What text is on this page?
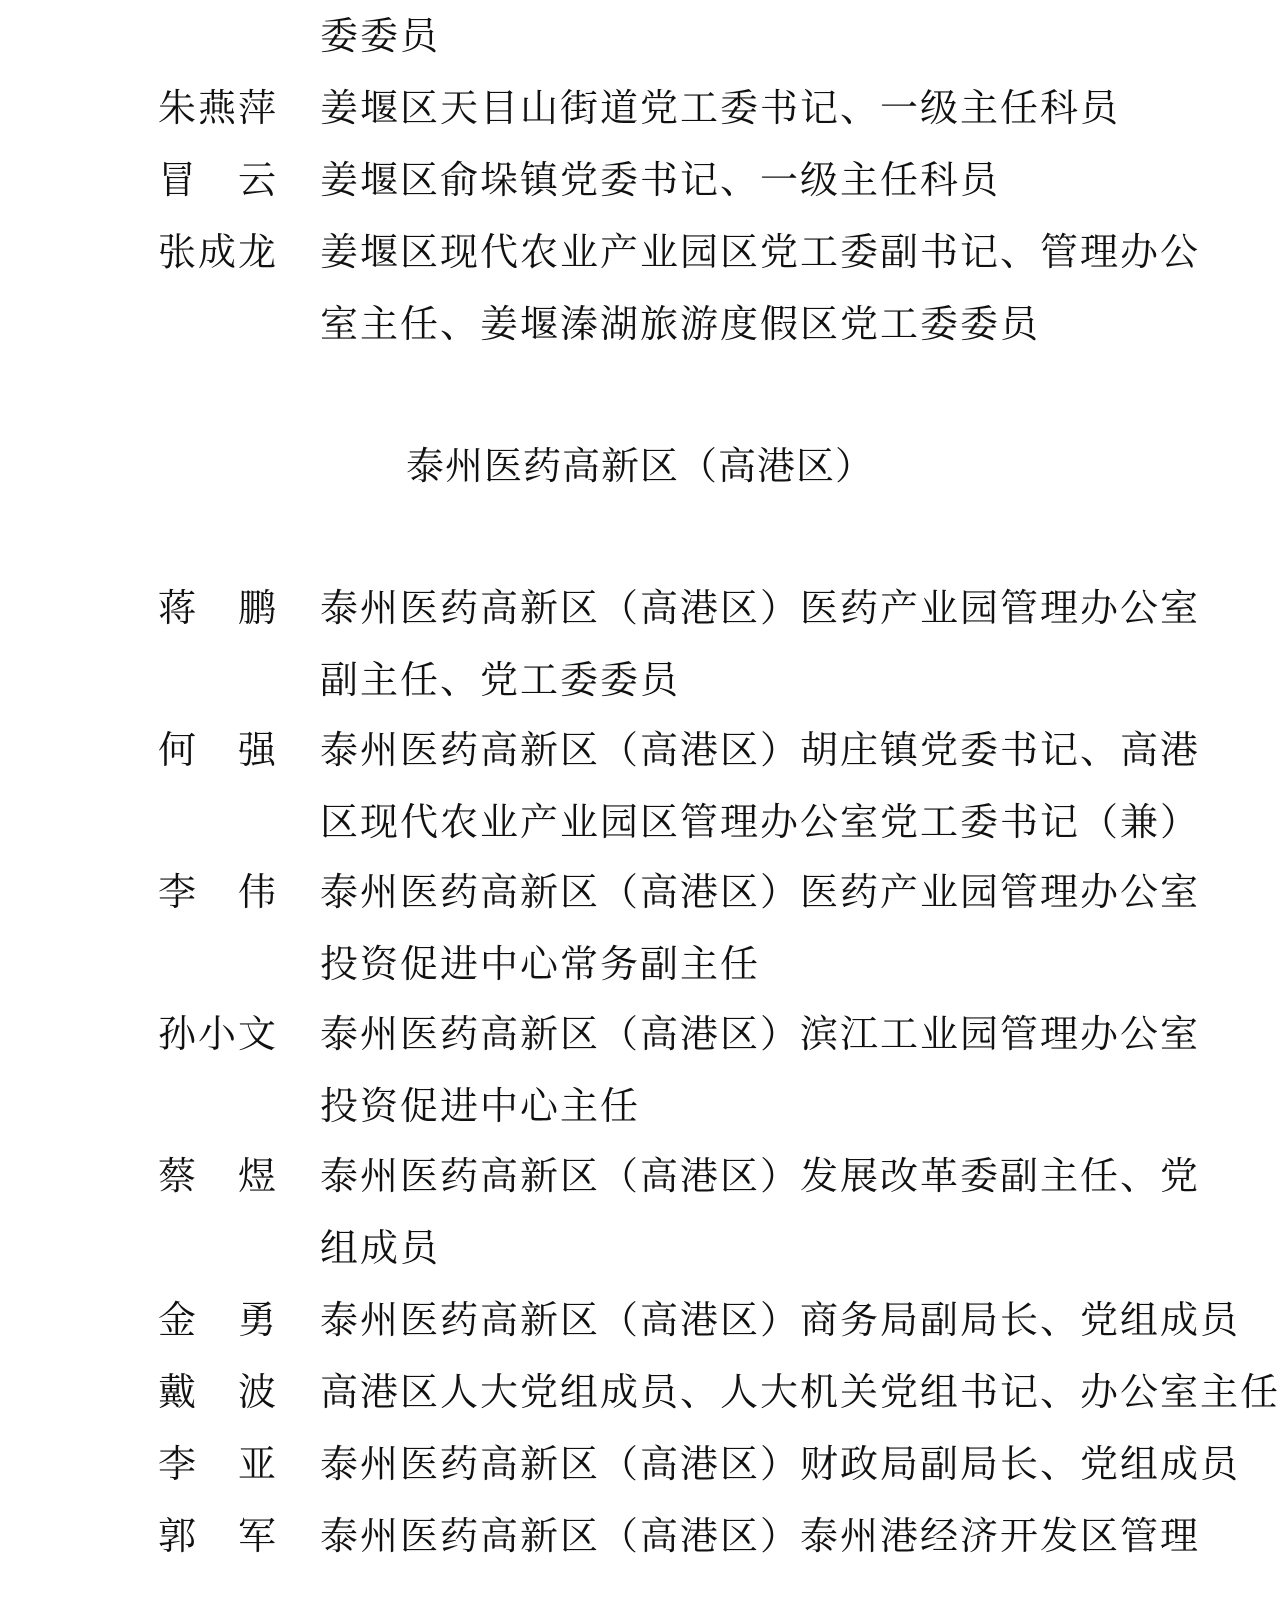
委委员
朱燕萍 姜堰区天目山街道党工委书记、一级主任科员
冒　云 姜堰区俞垛镇党委书记、一级主任科员
张成龙 姜堰区现代农业产业园区党工委副书记、管理办公
室主任、姜堰溱湖旅游度假区党工委委员
泰州医药高新区（高港区）
蒋　鹏 泰州医药高新区（高港区）医药产业园管理办公室
副主任、党工委委员
何　强 泰州医药高新区（高港区）胡庄镇党委书记、高港
区现代农业产业园区管理办公室党工委书记（兼）
李　伟 泰州医药高新区（高港区）医药产业园管理办公室
投资促进中心常务副主任
孙小文 泰州医药高新区（高港区）滨江工业园管理办公室
投资促进中心主任
蔡　煜 泰州医药高新区（高港区）发展改革委副主任、党
组成员
金　勇 泰州医药高新区（高港区）商务局副局长、党组成员
戴　波 高港区人大党组成员、人大机关党组书记、办公室主任
李　亚 泰州医药高新区（高港区）财政局副局长、党组成员
郭　军 泰州医药高新区（高港区）泰州港经济开发区管理
